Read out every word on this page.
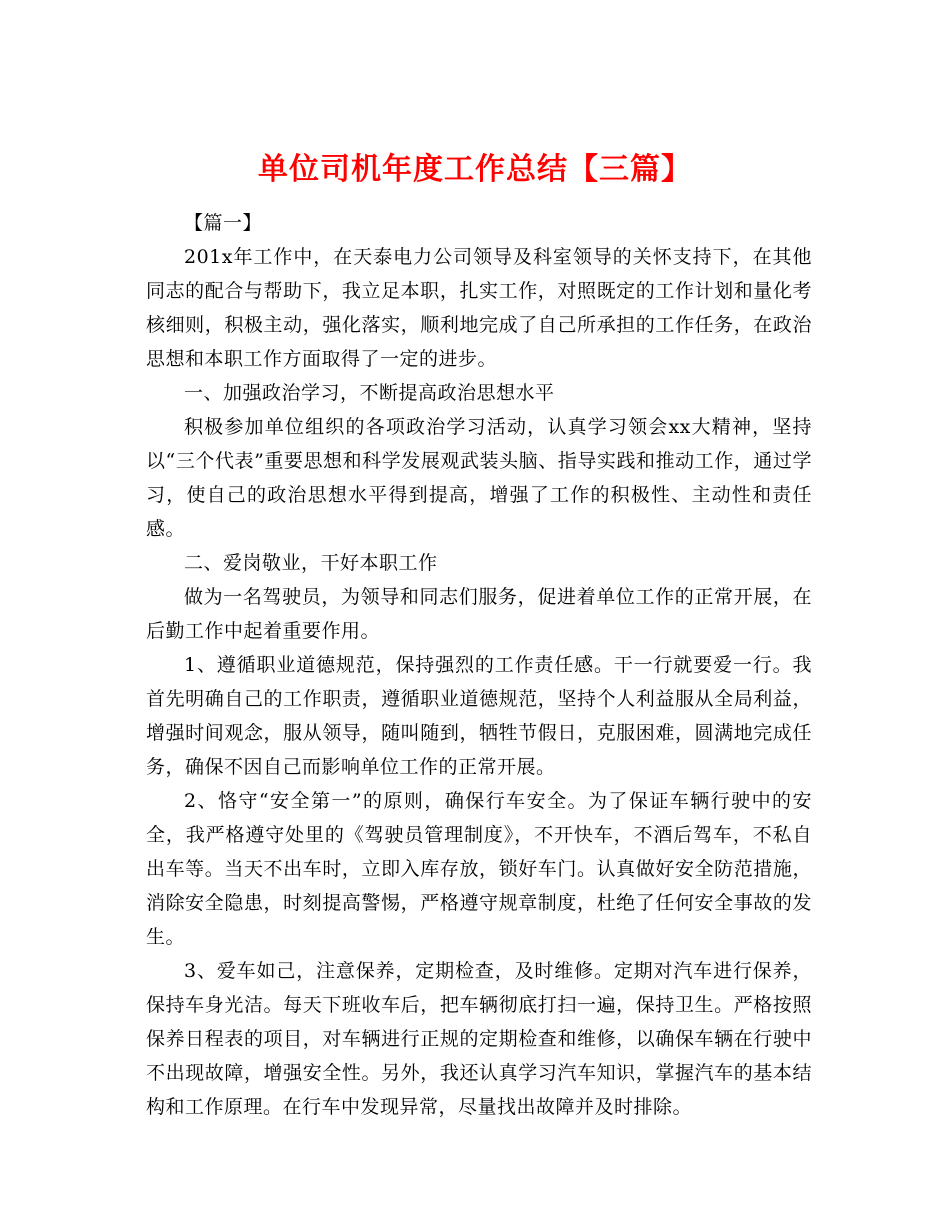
单位司机年度工作总结【三篇】

【篇一】

201x年工作中，在天泰电力公司领导及科室领导的关怀支持下，在其他同志的配合与帮助下，我立足本职，扎实工作，对照既定的工作计划和量化考核细则，积极主动，强化落实，顺利地完成了自己所承担的工作任务，在政治思想和本职工作方面取得了一定的进步。

一、加强政治学习，不断提高政治思想水平

积极参加单位组织的各项政治学习活动，认真学习领会xx大精神，坚持以“三个代表”重要思想和科学发展观武装头脑、指导实践和推动工作，通过学习，使自己的政治思想水平得到提高，增强了工作的积极性、主动性和责任感。

二、爱岗敬业，干好本职工作

做为一名驾驶员，为领导和同志们服务，促进着单位工作的正常开展，在后勤工作中起着重要作用。

1、遵循职业道德规范，保持强烈的工作责任感。干一行就要爱一行。我首先明确自己的工作职责，遵循职业道德规范，坚持个人利益服从全局利益，增强时间观念，服从领导，随叫随到，牺牲节假日，克服困难，圆满地完成任务，确保不因自己而影响单位工作的正常开展。

2、恪守“安全第一”的原则，确保行车安全。为了保证车辆行驶中的安全，我严格遵守处里的《驾驶员管理制度》，不开快车，不酒后驾车，不私自出车等。当天不出车时，立即入库存放，锁好车门。认真做好安全防范措施，消除安全隐患，时刻提高警惕，严格遵守规章制度，杜绝了任何安全事故的发生。

3、爱车如己，注意保养，定期检查，及时维修。定期对汽车进行保养，保持车身光洁。每天下班收车后，把车辆彻底打扫一遍，保持卫生。严格按照保养日程表的项目，对车辆进行正规的定期检查和维修，以确保车辆在行驶中不出现故障，增强安全性。另外，我还认真学习汽车知识，掌握汽车的基本结构和工作原理。在行车中发现异常，尽量找出故障并及时排除。
